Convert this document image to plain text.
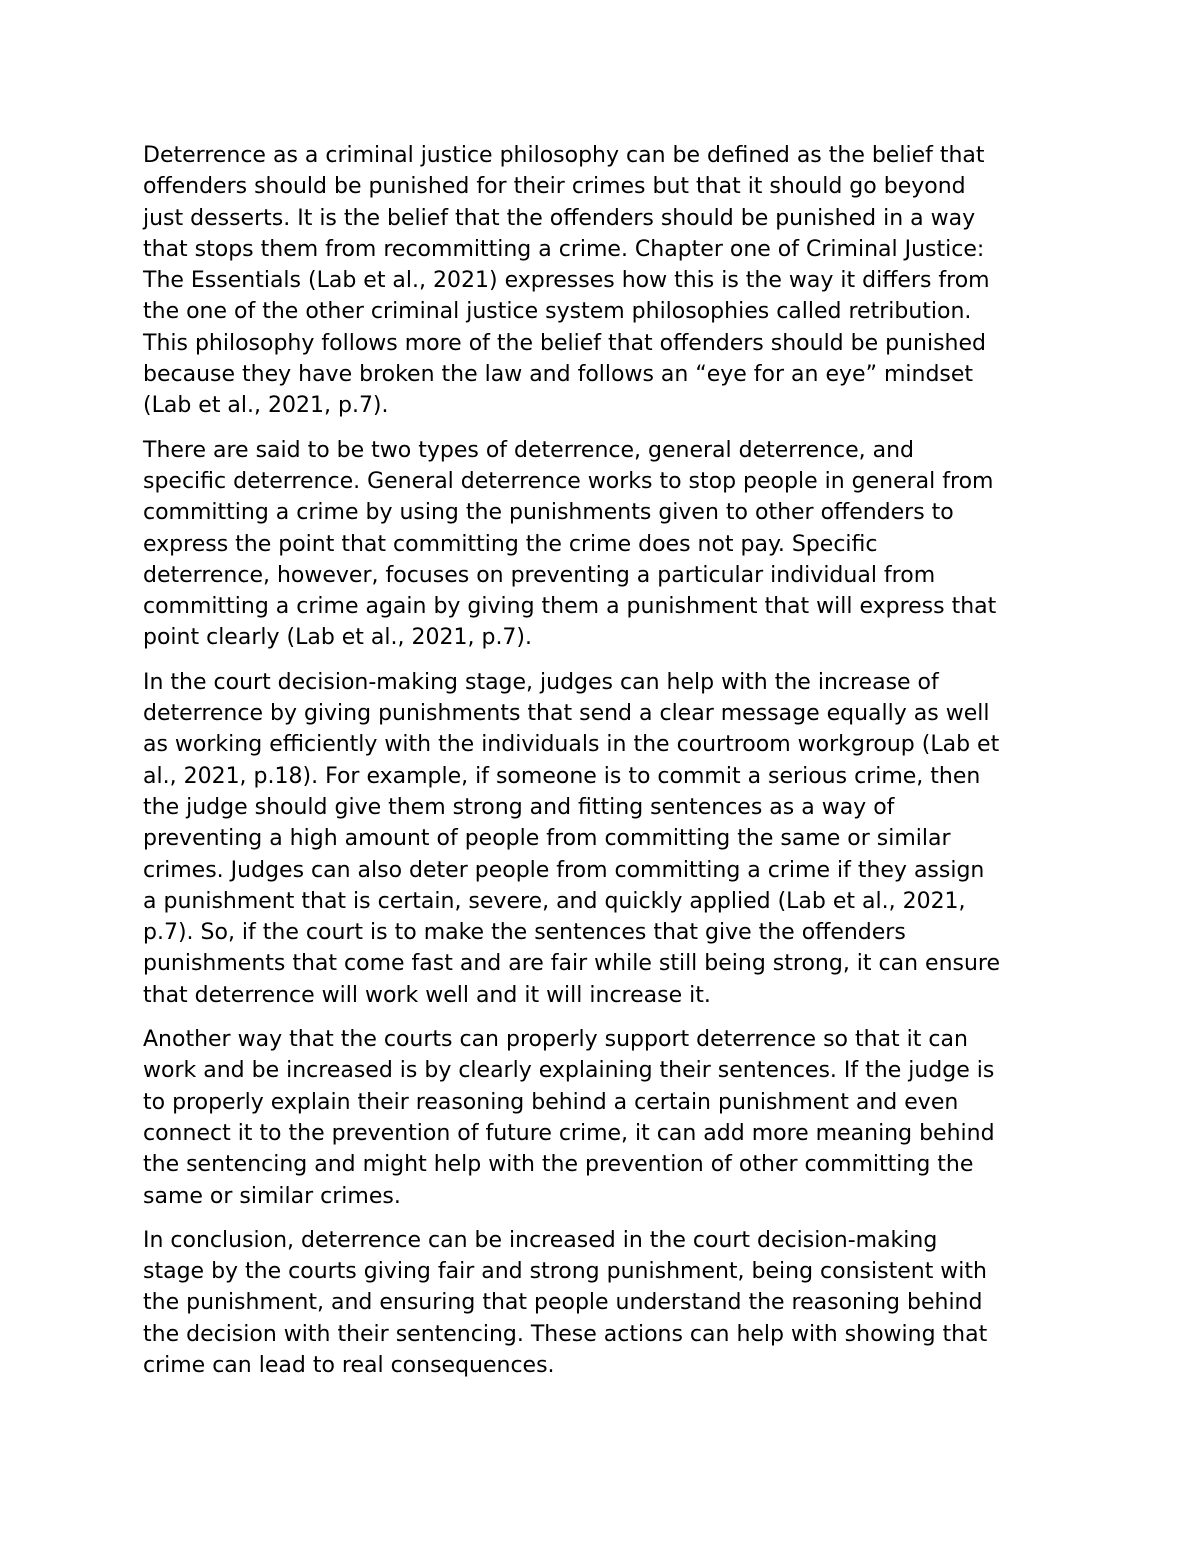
Deterrence as a criminal justice philosophy can be defined as the belief that
offenders should be punished for their crimes but that it should go beyond
just desserts. It is the belief that the offenders should be punished in a way
that stops them from recommitting a crime. Chapter one of Criminal Justice:
The Essentials (Lab et al., 2021) expresses how this is the way it differs from
the one of the other criminal justice system philosophies called retribution.
This philosophy follows more of the belief that offenders should be punished
because they have broken the law and follows an “eye for an eye” mindset
(Lab et al., 2021, p.7).

There are said to be two types of deterrence, general deterrence, and
specific deterrence. General deterrence works to stop people in general from
committing a crime by using the punishments given to other offenders to
express the point that committing the crime does not pay. Specific
deterrence, however, focuses on preventing a particular individual from
committing a crime again by giving them a punishment that will express that
point clearly (Lab et al., 2021, p.7).

In the court decision-making stage, judges can help with the increase of
deterrence by giving punishments that send a clear message equally as well
as working efficiently with the individuals in the courtroom workgroup (Lab et
al., 2021, p.18). For example, if someone is to commit a serious crime, then
the judge should give them strong and fitting sentences as a way of
preventing a high amount of people from committing the same or similar
crimes. Judges can also deter people from committing a crime if they assign
a punishment that is certain, severe, and quickly applied (Lab et al., 2021,
p.7). So, if the court is to make the sentences that give the offenders
punishments that come fast and are fair while still being strong, it can ensure
that deterrence will work well and it will increase it.

Another way that the courts can properly support deterrence so that it can
work and be increased is by clearly explaining their sentences. If the judge is
to properly explain their reasoning behind a certain punishment and even
connect it to the prevention of future crime, it can add more meaning behind
the sentencing and might help with the prevention of other committing the
same or similar crimes.

In conclusion, deterrence can be increased in the court decision-making
stage by the courts giving fair and strong punishment, being consistent with
the punishment, and ensuring that people understand the reasoning behind
the decision with their sentencing. These actions can help with showing that
crime can lead to real consequences.
